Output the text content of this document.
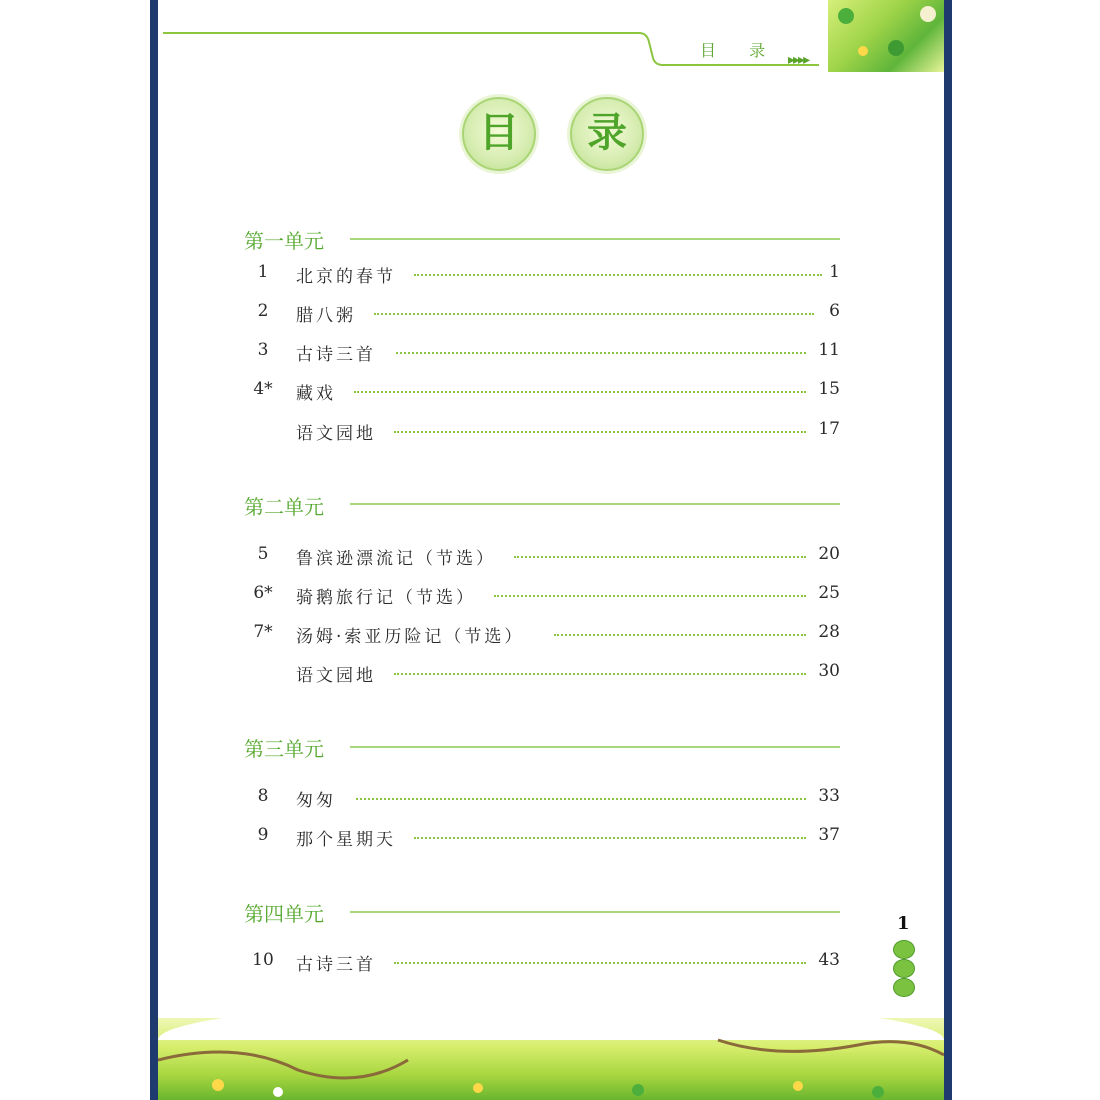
目 录 ▸▸▸▸
目	录
第一单元
1	北京的春节	1
2	腊八粥	6
3	古诗三首	11
4*	藏戏	15
语文园地	17
第二单元
5	鲁滨逊漂流记（节选）	20
6*	骑鹅旅行记（节选）	25
7*	汤姆·索亚历险记（节选）	28
语文园地	30
第三单元
8	匆匆	33
9	那个星期天	37
第四单元
10	古诗三首	43
1
